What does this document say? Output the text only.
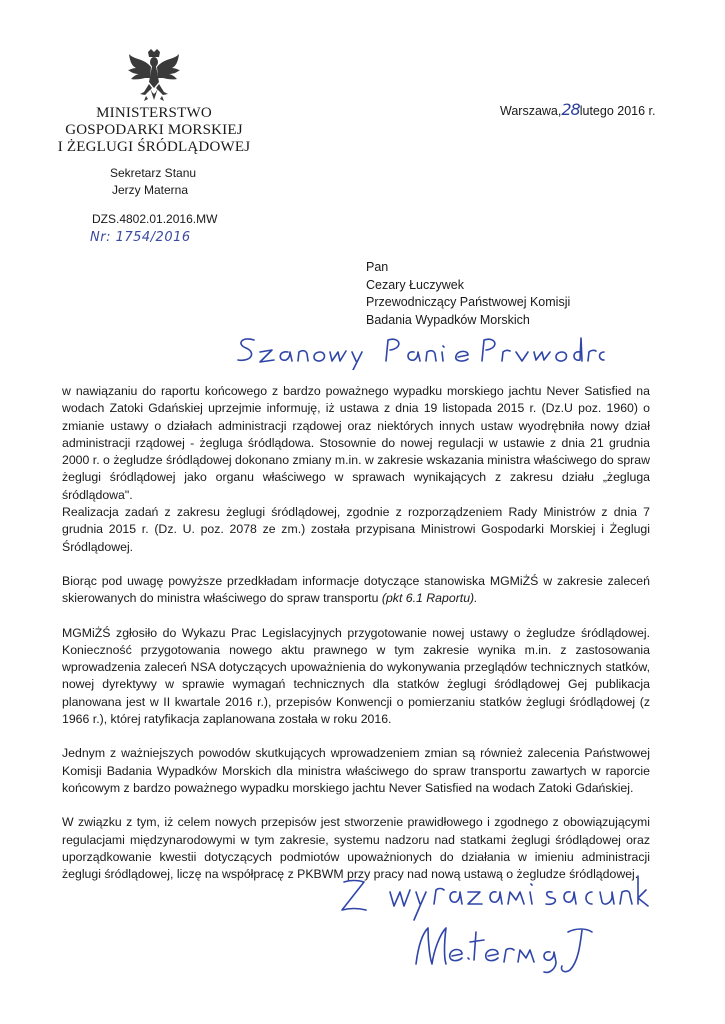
MINISTERSTWO
GOSPODARKI MORSKIEJ
I ŻEGLUGI ŚRÓDLĄDOWEJ
Warszawa,28lutego 2016 r.
Sekretarz Stanu
Jerzy Materna
DZS.4802.01.2016.MW
Nr: 1754/2016
Pan
Cezary Łuczywek
Przewodniczący Państwowej Komisji
Badania Wypadków Morskich

w nawiązaniu do raportu końcowego z bardzo poważnego wypadku morskiego jachtu Never Satisfied na wodach Zatoki Gdańskiej uprzejmie informuję, iż ustawa z dnia 19 listopada 2015 r. (Dz.U poz. 1960) o zmianie ustawy o działach administracji rządowej oraz niektórych innych ustaw wyodrębniła nowy dział administracji rządowej - żegluga śródlądowa. Stosownie do nowej regulacji w ustawie z dnia 21 grudnia 2000 r. o żegludze śródlądowej dokonano zmiany m.in. w zakresie wskazania ministra właściwego do spraw żeglugi śródlądowej jako organu właściwego w sprawach wynikających z zakresu działu „żegluga śródlądowa".

Realizacja zadań z zakresu żeglugi śródlądowej, zgodnie z rozporządzeniem Rady Ministrów z dnia 7 grudnia 2015 r. (Dz. U. poz. 2078 ze zm.) została przypisana Ministrowi Gospodarki Morskiej i Żeglugi Śródlądowej.

Biorąc pod uwagę powyższe przedkładam informacje dotyczące stanowiska MGMiŻŚ w zakresie zaleceń skierowanych do ministra właściwego do spraw transportu (pkt 6.1 Raportu).

MGMiŻŚ zgłosiło do Wykazu Prac Legislacyjnych przygotowanie nowej ustawy o żegludze śródlądowej. Konieczność przygotowania nowego aktu prawnego w tym zakresie wynika m.in. z zastosowania wprowadzenia zaleceń NSA dotyczących upoważnienia do wykonywania przeglądów technicznych statków, nowej dyrektywy w sprawie wymagań technicznych dla statków żeglugi śródlądowej Gej publikacja planowana jest w II kwartale 2016 r.), przepisów Konwencji o pomierzaniu statków żeglugi śródlądowej (z 1966 r.), której ratyfikacja zaplanowana została w roku 2016.

Jednym z ważniejszych powodów skutkujących wprowadzeniem zmian są również zalecenia Państwowej Komisji Badania Wypadków Morskich dla ministra właściwego do spraw transportu zawartych w raporcie końcowym z bardzo poważnego wypadku morskiego jachtu Never Satisfied na wodach Zatoki Gdańskiej.

W związku z tym, iż celem nowych przepisów jest stworzenie prawidłowego i zgodnego z obowiązującymi regulacjami międzynarodowymi w tym zakresie, systemu nadzoru nad statkami żeglugi śródlądowej oraz uporządkowanie kwestii dotyczących podmiotów upoważnionych do działania w imieniu administracji żeglugi śródlądowej, liczę na współpracę z PKBWM przy pracy nad nową ustawą o żegludze śródlądowej.
